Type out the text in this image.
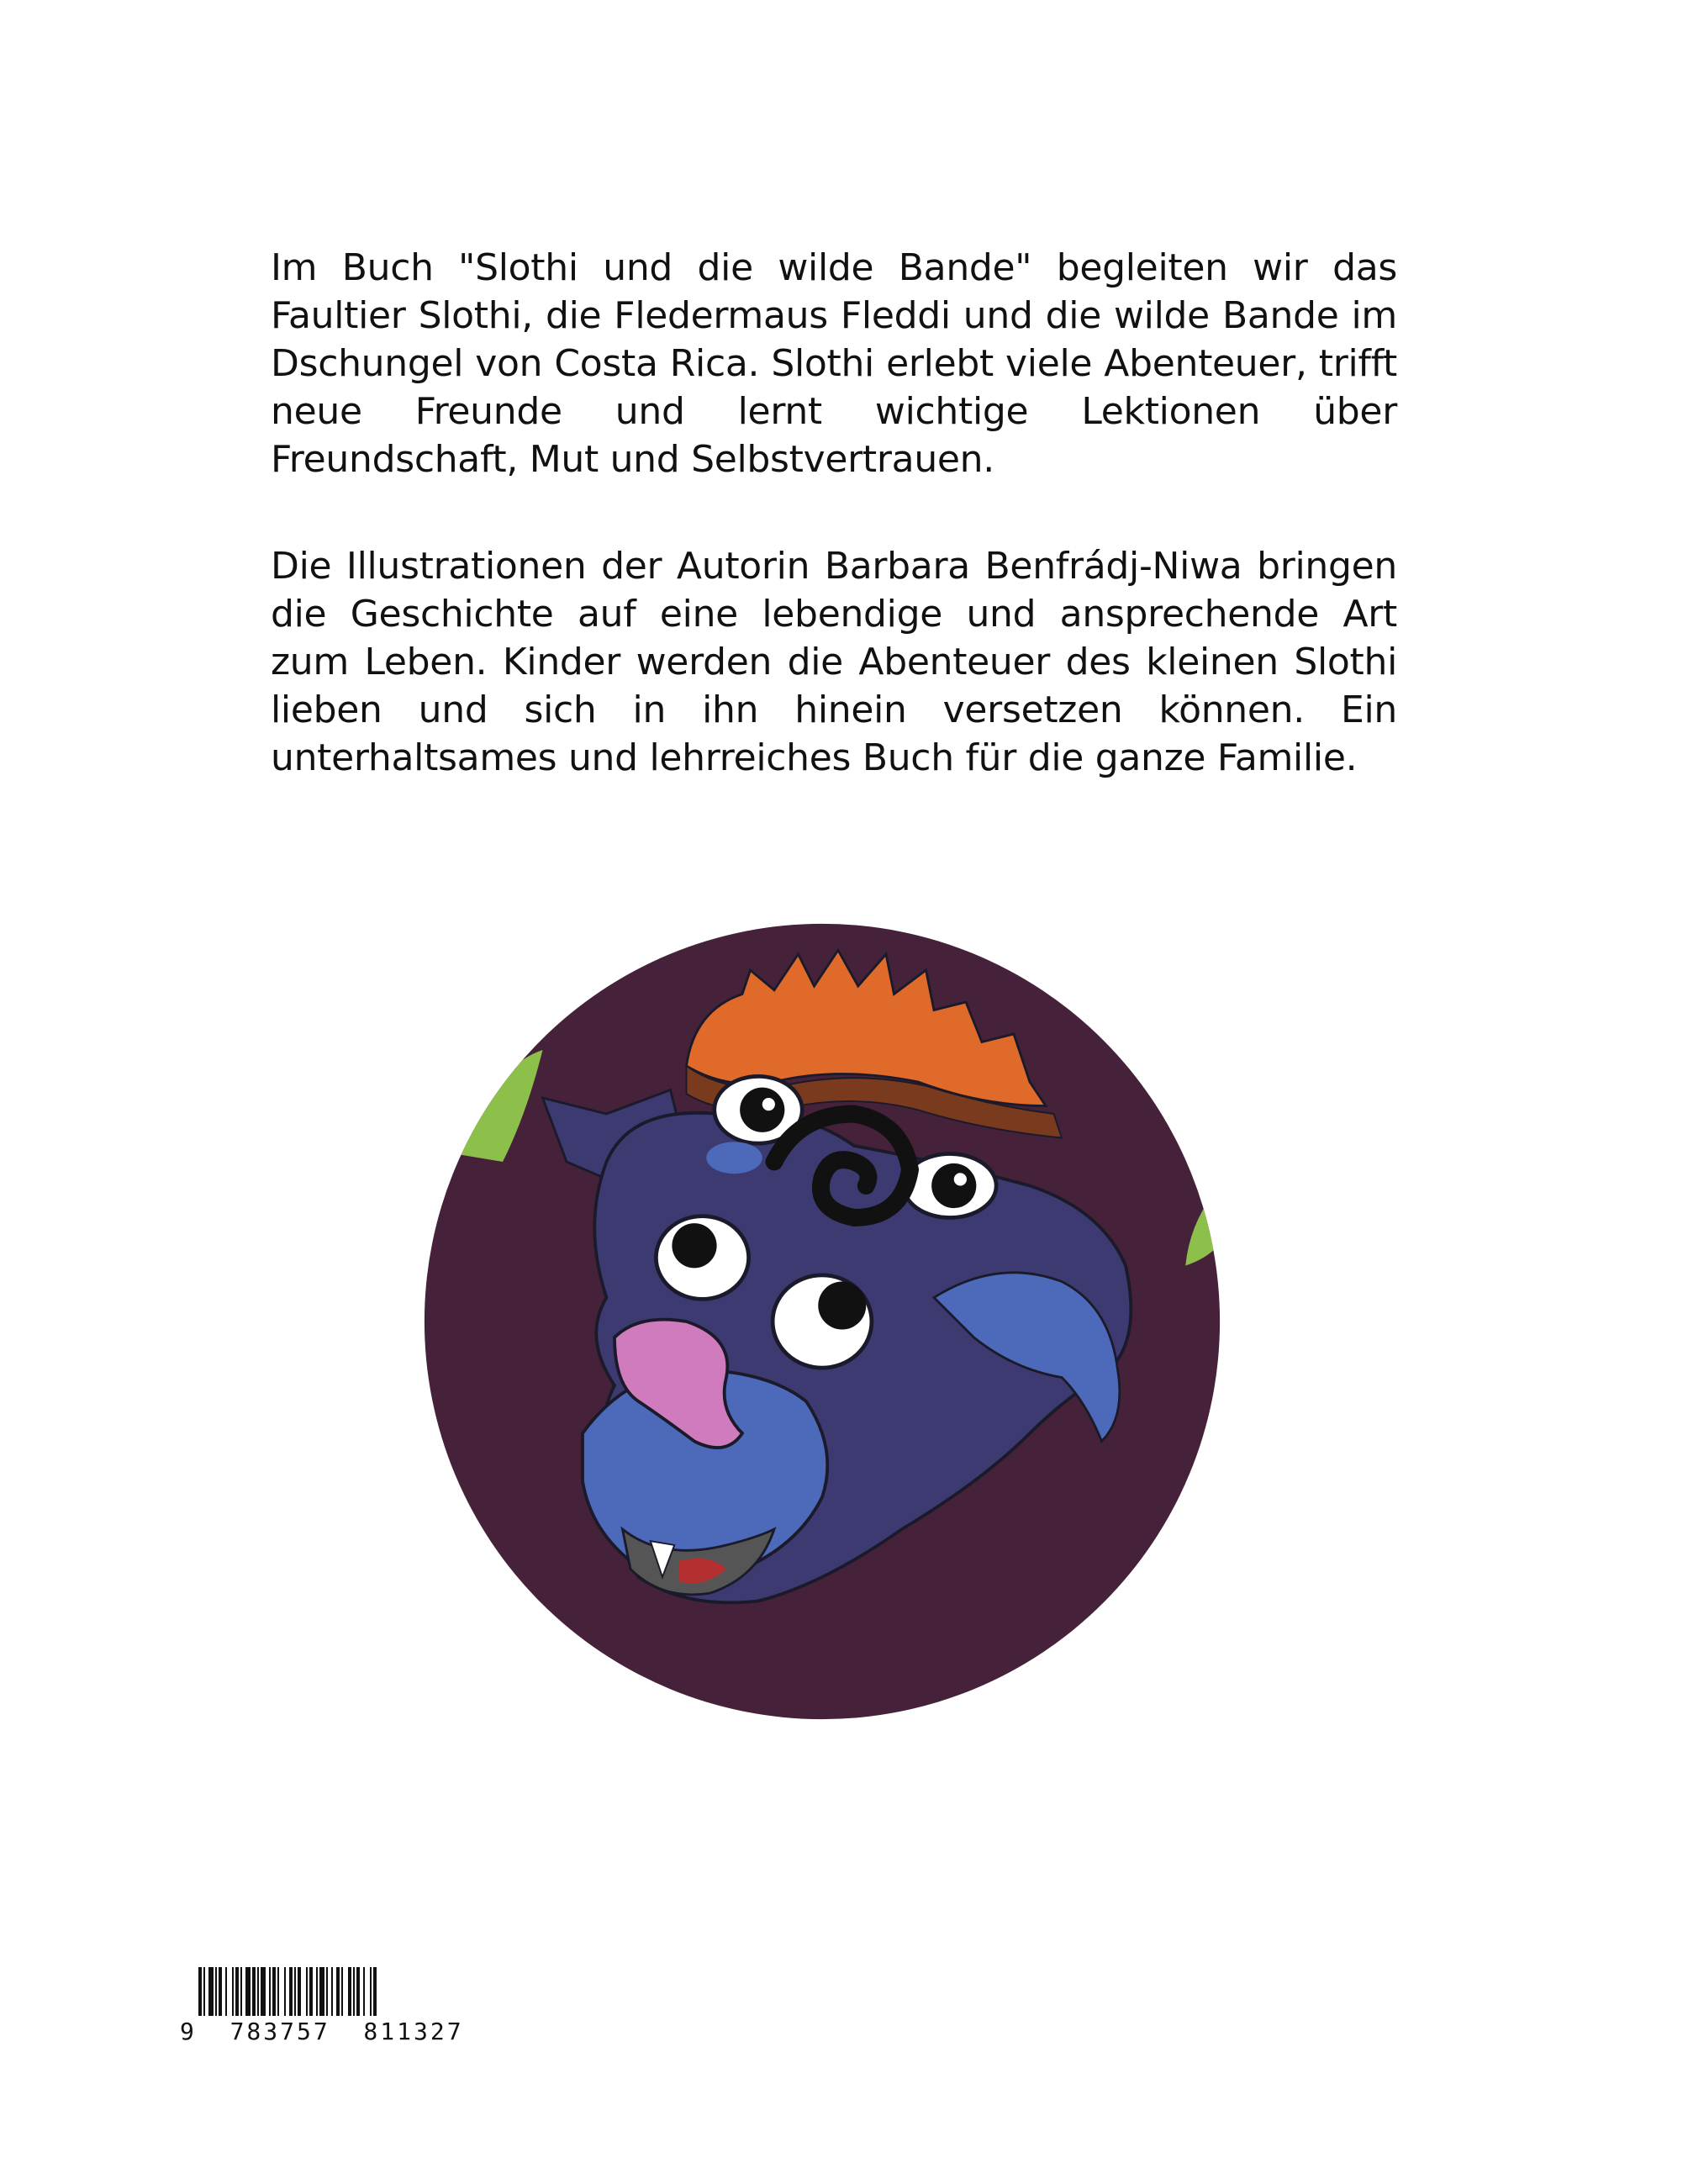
Im Buch "Slothi und die wilde Bande" begleiten wir das Faultier Slothi, die Fledermaus Fleddi und die wilde Bande im Dschungel von Costa Rica. Slothi erlebt viele Abenteuer, trifft neue Freunde und lernt wichtige Lektionen über Freundschaft, Mut und Selbstvertrauen.

Die Illustrationen der Autorin Barbara Benfrádj-Niwa bringen die Geschichte auf eine lebendige und ansprechende Art zum Leben. Kinder werden die Abenteuer des kleinen Slothi lieben und sich in ihn hinein versetzen können. Ein unterhaltsames und lehrreiches Buch für die ganze Familie.

9  783757  811327
